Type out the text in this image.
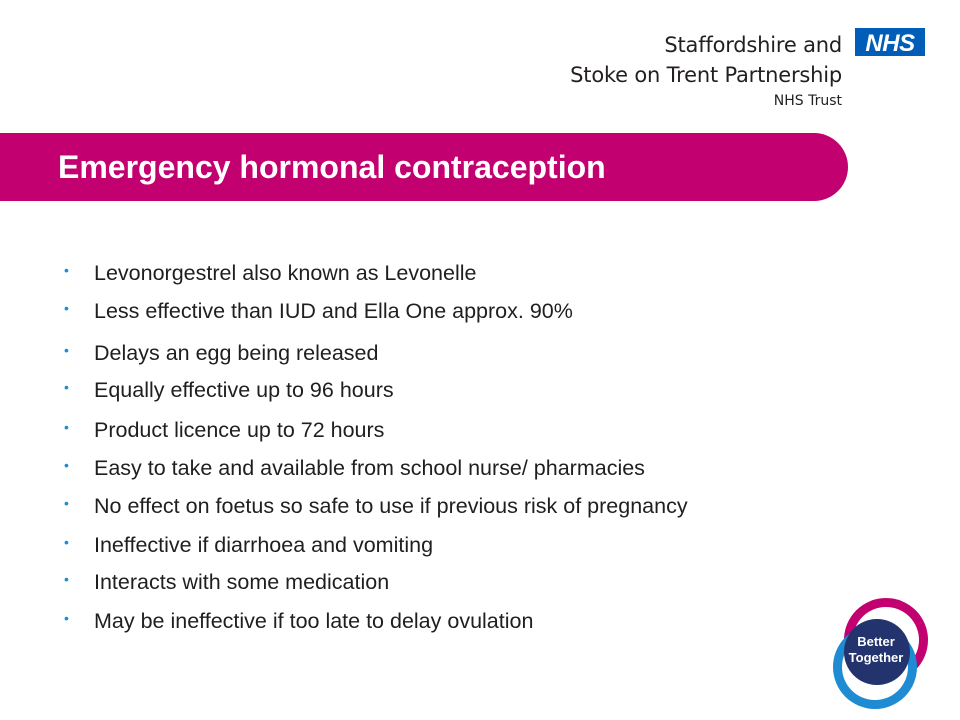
Staffordshire and
Stoke on Trent Partnership
NHS Trust
NHS
Emergency hormonal contraception
• Levonorgestrel also known as Levonelle
• Less effective than IUD and Ella One approx. 90%
• Delays an egg being released
• Equally effective up to 96 hours
• Product licence up to 72 hours
• Easy to take and available from school nurse/ pharmacies
• No effect on foetus so safe to use if previous risk of pregnancy
• Ineffective if diarrhoea and vomiting
• Interacts with some medication
• May be ineffective if too late to delay ovulation
Better
Together
